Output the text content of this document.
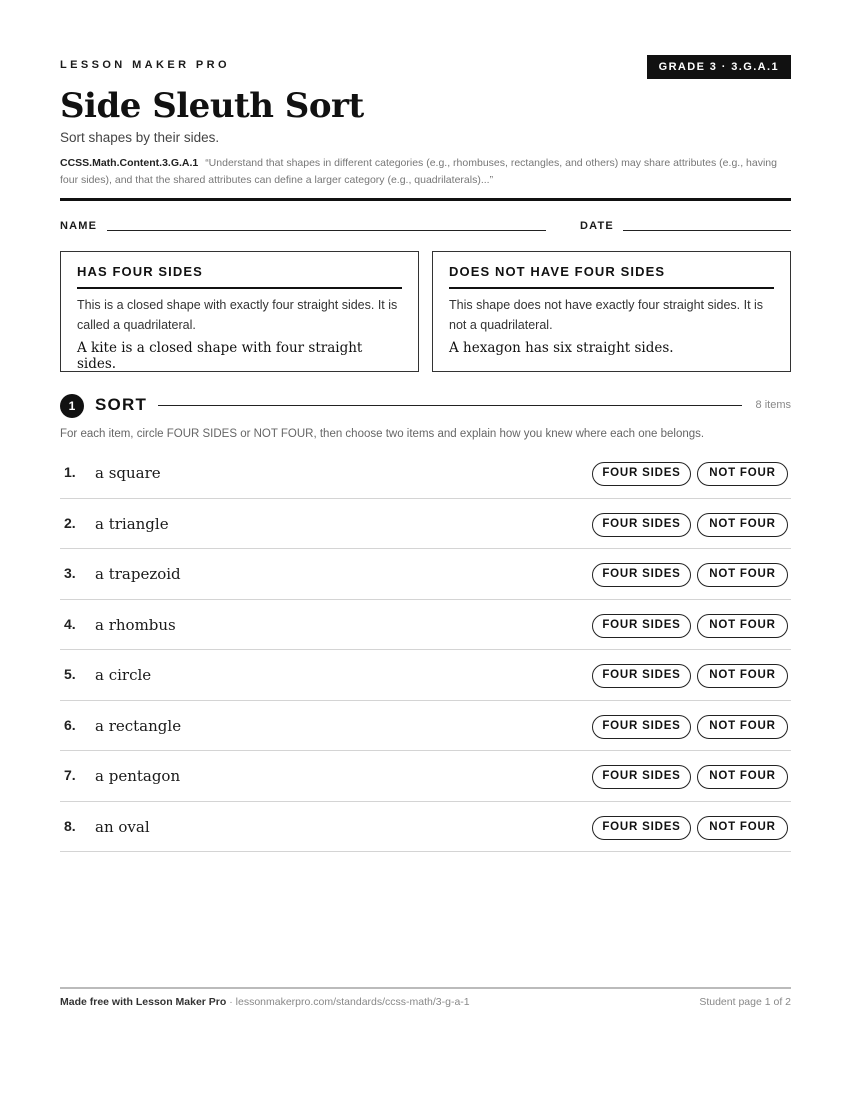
LESSON MAKER PRO	GRADE 3 · 3.G.A.1
Side Sleuth Sort
Sort shapes by their sides.
CCSS.Math.Content.3.G.A.1 “Understand that shapes in different categories (e.g., rhombuses, rectangles, and others) may share attributes (e.g., having four sides), and that the shared attributes can define a larger category (e.g., quadrilaterals)...”
NAME	DATE
HAS FOUR SIDES
This is a closed shape with exactly four straight sides. It is called a quadrilateral.
A kite is a closed shape with four straight sides.
DOES NOT HAVE FOUR SIDES
This shape does not have exactly four straight sides. It is not a quadrilateral.
A hexagon has six straight sides.
1	SORT	8 items
For each item, circle FOUR SIDES or NOT FOUR, then choose two items and explain how you knew where each one belongs.
1. a square	FOUR SIDES	NOT FOUR
2. a triangle	FOUR SIDES	NOT FOUR
3. a trapezoid	FOUR SIDES	NOT FOUR
4. a rhombus	FOUR SIDES	NOT FOUR
5. a circle	FOUR SIDES	NOT FOUR
6. a rectangle	FOUR SIDES	NOT FOUR
7. a pentagon	FOUR SIDES	NOT FOUR
8. an oval	FOUR SIDES	NOT FOUR
Made free with Lesson Maker Pro · lessonmakerpro.com/standards/ccss-math/3-g-a-1	Student page 1 of 2
